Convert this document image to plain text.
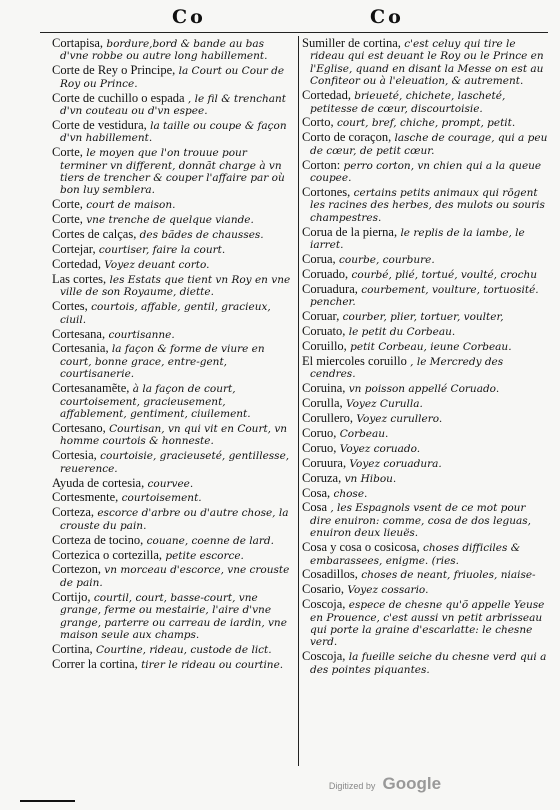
Co	Co
Cortapisa, bordure,bord & bande au bas d'vne robbe ou autre long habillement.
Corte de Rey o Principe, la Court ou Cour de Roy ou Prince.
Corte de cuchillo o espada , le fil & trenchant d'vn couteau ou d'vn espee.
Corte de vestidura, la taille ou coupe & façon d'vn habillement.
Corte, le moyen que l'on trouue pour terminer vn different, donnãt charge à vn tiers de trencher & couper l'affaire par où bon luy semblera.
Corte, court de maison.
Corte, vne trenche de quelque viande.
Cortes de calças, des bãdes de chausses.
Cortejar, courtiser, faire la court.
Cortedad, Voyez deuant corto.
Las cortes, les Estats que tient vn Roy en vne ville de son Royaume, diette.
Cortes, courtois, affable, gentil, gracieux, ciuil.
Cortesana, courtisanne.
Cortesania, la façon & forme de viure en court, bonne grace, entre-gent, courtisanerie.
Cortesanamẽte, à la façon de court, courtoisement, gracieusement, affablement, gentiment, ciuilement.
Cortesano, Courtisan, vn qui vit en Court, vn homme courtois & honneste.
Cortesia, courtoisie, gracieuseté, gentillesse, reuerence.
Ayuda de cortesia, courvee.
Cortesmente, courtoisement.
Corteza, escorce d'arbre ou d'autre chose, la crouste du pain.
Corteza de tocino, couane, coenne de lard.
Cortezica o cortezilla, petite escorce.
Cortezon, vn morceau d'escorce, vne crouste de pain.
Cortijo, courtil, court, basse-court, vne grange, ferme ou mestairie, l'aire d'vne grange, parterre ou carreau de iardin, vne maison seule aux champs.
Cortina, Courtine, rideau, custode de lict.
Correr la cortina, tirer le rideau ou courtine.
Sumiller de cortina, c'est celuy qui tire le rideau qui est deuant le Roy ou le Prince en l'Eglise, quand en disant la Messe on est au Confiteor ou à l'eleuation, & autrement.
Cortedad, brieueté, chichete, lascheté, petitesse de cœur, discourtoisie.
Corto, court, bref, chiche, prompt, petit.
Corto de coraçon, lasche de courage, qui a peu de cœur, de petit cœur.
Corton: perro corton, vn chien qui a la queue coupee.
Cortones, certains petits animaux qui rōgent les racines des herbes, des mulots ou souris champestres.
Corua de la pierna, le replis de la iambe, le iarret.
Corua, courbe, courbure.
Coruado, courbé, plié, tortué, voulté, crochu
Coruadura, courbement, voulture, tortuosité. pencher.
Coruar, courber, plier, tortuer, voulter,
Coruato, le petit du Corbeau.
Coruillo, petit Corbeau, ieune Corbeau.
El miercoles coruillo , le Mercredy des cendres.
Coruina, vn poisson appellé Coruado.
Corulla, Voyez Curulla.
Corullero, Voyez curullero.
Coruo, Corbeau.
Coruo, Voyez coruado.
Coruura, Voyez coruadura.
Coruza, vn Hibou.
Cosa, chose.
Cosa , les Espagnols vsent de ce mot pour dire enuiron: comme, cosa de dos leguas, enuiron deux lieuës.
Cosa y cosa o cosicosa, choses difficiles & embarassees, enigme. (ries.
Cosadillos, choses de neant, friuoles, niaise-
Cosario, Voyez cossario.
Coscoja, espece de chesne qu'õ appelle Yeuse en Prouence, c'est aussi vn petit arbrisseau qui porte la graine d'escarlatte: le chesne verd.
Coscoja, la fueille seiche du chesne verd qui a des pointes piquantes.
Digitized by Google
